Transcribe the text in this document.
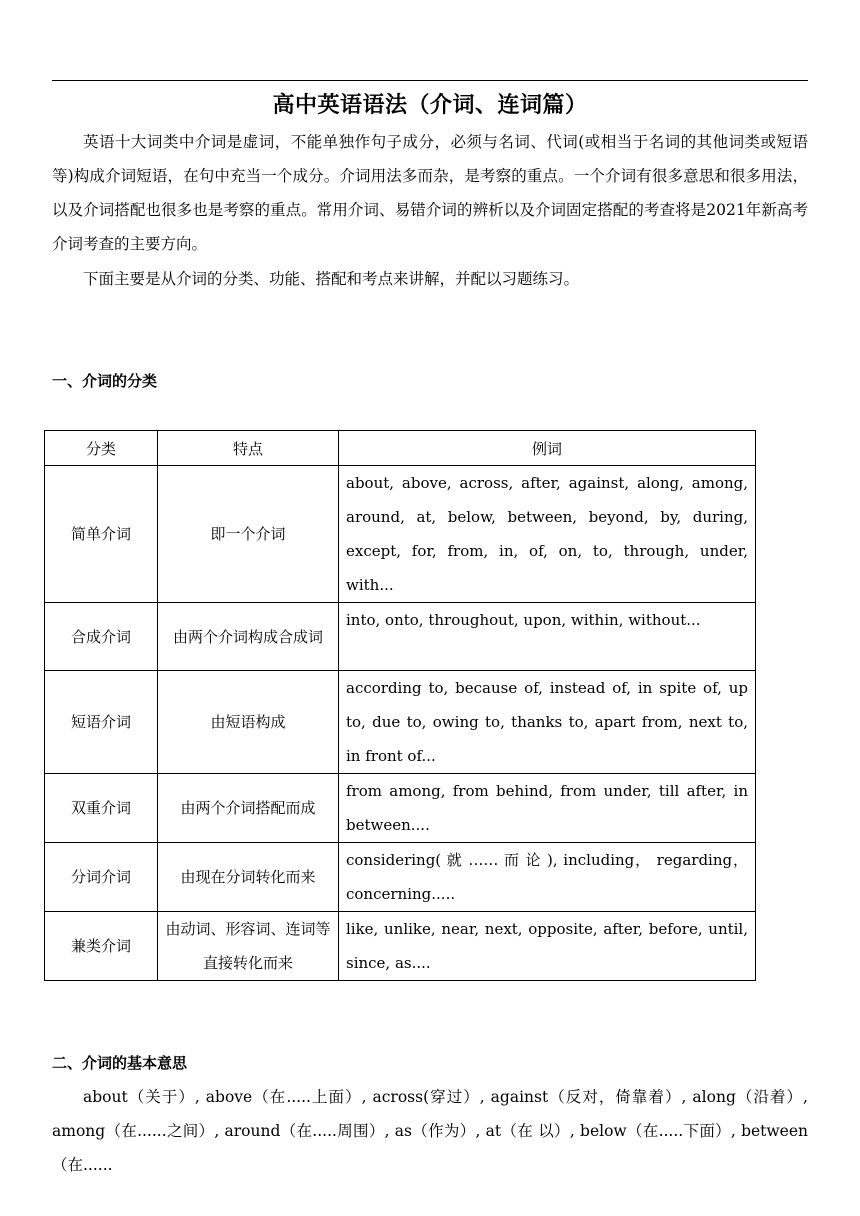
高中英语语法（介词、连词篇）

英语十大词类中介词是虚词，不能单独作句子成分，必须与名词、代词(或相当于名词的其他词类或短语等)构成介词短语，在句中充当一个成分。介词用法多而杂，是考察的重点。一个介词有很多意思和很多用法，以及介词搭配也很多也是考察的重点。常用介词、易错介词的辨析以及介词固定搭配的考查将是2021年新高考介词考查的主要方向。

下面主要是从介词的分类、功能、搭配和考点来讲解，并配以习题练习。

一、介词的分类
分类	特点	例词
简单介词	即一个介词	about, above, across, after, against, along, among, around, at, below, between, beyond, by, during, except, for, from, in, of, on, to, through, under, with...
合成介词	由两个介词构成合成词	into, onto, throughout, upon, within, without...
短语介词	由短语构成	according to, because of, instead of, in spite of, up to, due to, owing to, thanks to, apart from, next to, in front of...
双重介词	由两个介词搭配而成	from among, from behind, from under, till after, in between....
分词介词	由现在分词转化而来	considering( 就 …… 而 论 ), including， regarding，concerning.....
兼类介词	由动词、形容词、连词等直接转化而来	like, unlike, near, next, opposite, after, before, until, since, as....
二、介词的基本意思

about（关于）, above（在.....上面）, across(穿过）, against（反对，倚靠着）, along（沿着）, among（在......之间）, around（在.....周围）, as（作为）, at（在 以）, below（在.....下面）, between（在......
